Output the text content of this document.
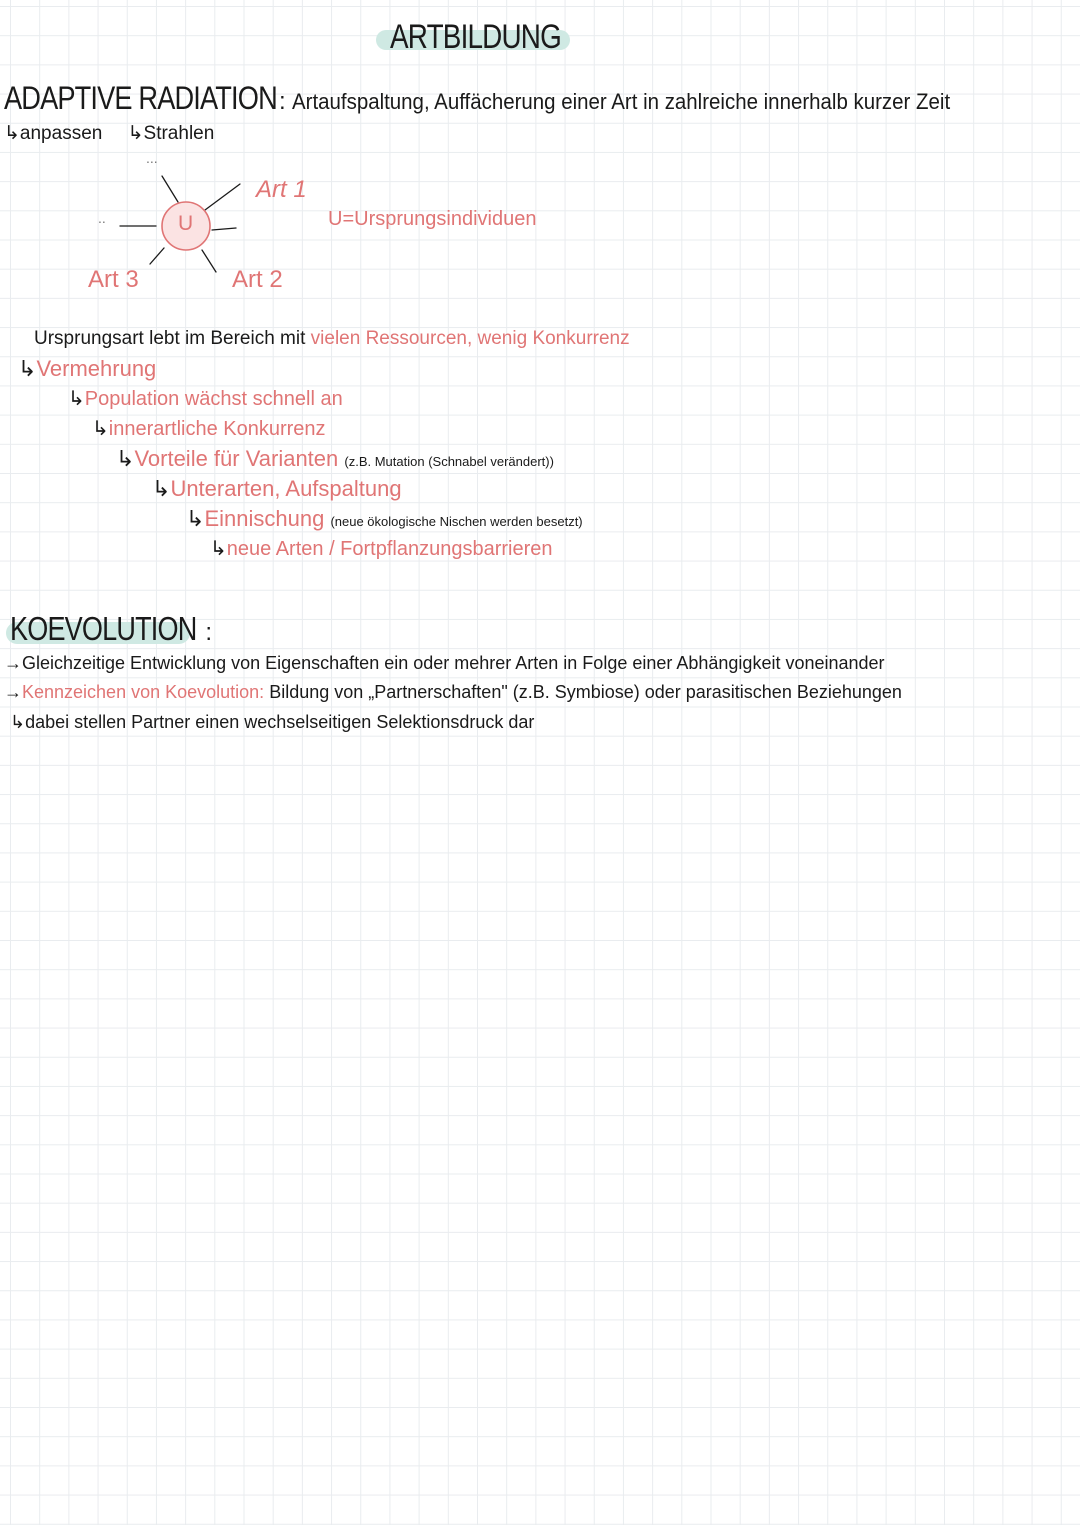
ARTBILDUNG
ADAPTIVE RADIATION: Artaufspaltung, Auffächerung einer Art in zahlreiche innerhalb kurzer Zeit
↳anpassen ↳Strahlen
U
...
..
Art 1
Art 2
Art 3
U=Ursprungsindividuen
Ursprungsart lebt im Bereich mit vielen Ressourcen, wenig Konkurrenz
↳Vermehrung
↳Population wächst schnell an
↳innerartliche Konkurrenz
↳Vorteile für Varianten (z.B. Mutation (Schnabel verändert))
↳Unterarten, Aufspaltung
↳Einnischung (neue ökologische Nischen werden besetzt)
↳neue Arten / Fortpflanzungsbarrieren
KOEVOLUTION :
→Gleichzeitige Entwicklung von Eigenschaften ein oder mehrer Arten in Folge einer Abhängigkeit voneinander
→Kennzeichen von Koevolution: Bildung von „Partnerschaften" (z.B. Symbiose) oder parasitischen Beziehungen
↳dabei stellen Partner einen wechselseitigen Selektionsdruck dar
